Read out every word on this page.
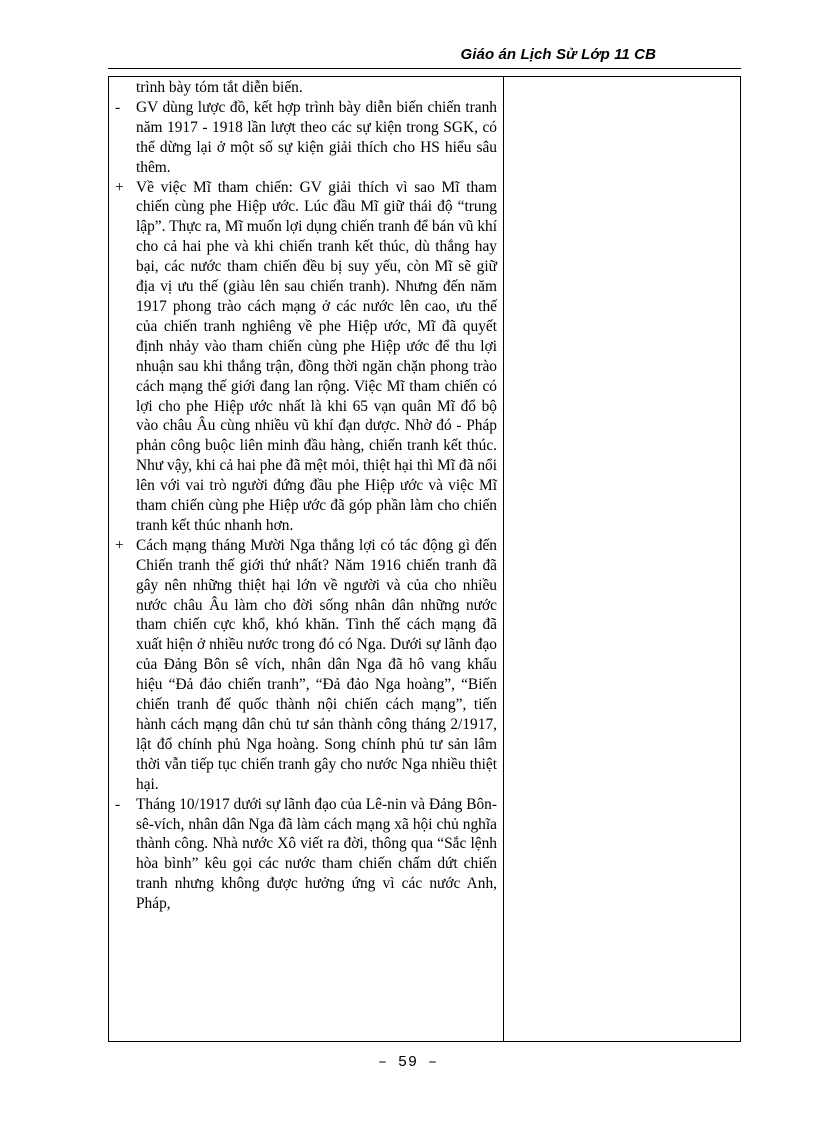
Giáo án Lịch Sử Lớp 11 CB

trình bày tóm tắt diễn biến.

- GV dùng lược đồ, kết hợp trình bày diễn biến chiến tranh năm 1917 - 1918 lần lượt theo các sự kiện trong SGK, có thể dừng lại ở một số sự kiện giải thích cho HS hiểu sâu thêm.

+ Về việc Mĩ tham chiến: GV giải thích vì sao Mĩ tham chiến cùng phe Hiệp ước. Lúc đầu Mĩ giữ thái độ “trung lập”. Thực ra, Mĩ muốn lợi dụng chiến tranh để bán vũ khí cho cả hai phe và khi chiến tranh kết thúc, dù thắng hay bại, các nước tham chiến đều bị suy yếu, còn Mĩ sẽ giữ địa vị ưu thế (giàu lên sau chiến tranh). Nhưng đến năm 1917 phong trào cách mạng ở các nước lên cao, ưu thế của chiến tranh nghiêng về phe Hiệp ước, Mĩ đã quyết định nhảy vào tham chiến cùng phe Hiệp ước để thu lợi nhuận sau khi thắng trận, đồng thời ngăn chặn phong trào cách mạng thế giới đang lan rộng. Việc Mĩ tham chiến có lợi cho phe Hiệp ước nhất là khi 65 vạn quân Mĩ đổ bộ vào châu Âu cùng nhiều vũ khí đạn dược. Nhờ đó - Pháp phản công buộc liên minh đầu hàng, chiến tranh kết thúc. Như vậy, khi cả hai phe đã mệt mỏi, thiệt hại thì Mĩ đã nổi lên với vai trò người đứng đầu phe Hiệp ước và việc Mĩ tham chiến cùng phe Hiệp ước đã góp phần làm cho chiến tranh kết thúc nhanh hơn.

+ Cách mạng tháng Mười Nga thắng lợi có tác động gì đến Chiến tranh thế giới thứ nhất? Năm 1916 chiến tranh đã gây nên những thiệt hại lớn về người và của cho nhiều nước châu Âu làm cho đời sống nhân dân những nước tham chiến cực khổ, khó khăn. Tình thế cách mạng đã xuất hiện ở nhiều nước trong đó có Nga. Dưới sự lãnh đạo của Đảng Bôn sê vích, nhân dân Nga đã hô vang khẩu hiệu “Đả đảo chiến tranh”, “Đả đảo Nga hoàng”, “Biến chiến tranh đế quốc thành nội chiến cách mạng”, tiến hành cách mạng dân chủ tư sản thành công tháng 2/1917, lật đổ chính phủ Nga hoàng. Song chính phủ tư sản lâm thời vẫn tiếp tục chiến tranh gây cho nước Nga nhiều thiệt hại.

- Tháng 10/1917 dưới sự lãnh đạo của Lê-nin và Đảng Bôn-sê-vích, nhân dân Nga đã làm cách mạng xã hội chủ nghĩa thành công. Nhà nước Xô viết ra đời, thông qua “Sắc lệnh hòa bình” kêu gọi các nước tham chiến chấm dứt chiến tranh nhưng không được hưởng ứng vì các nước Anh, Pháp,

– 59 –
